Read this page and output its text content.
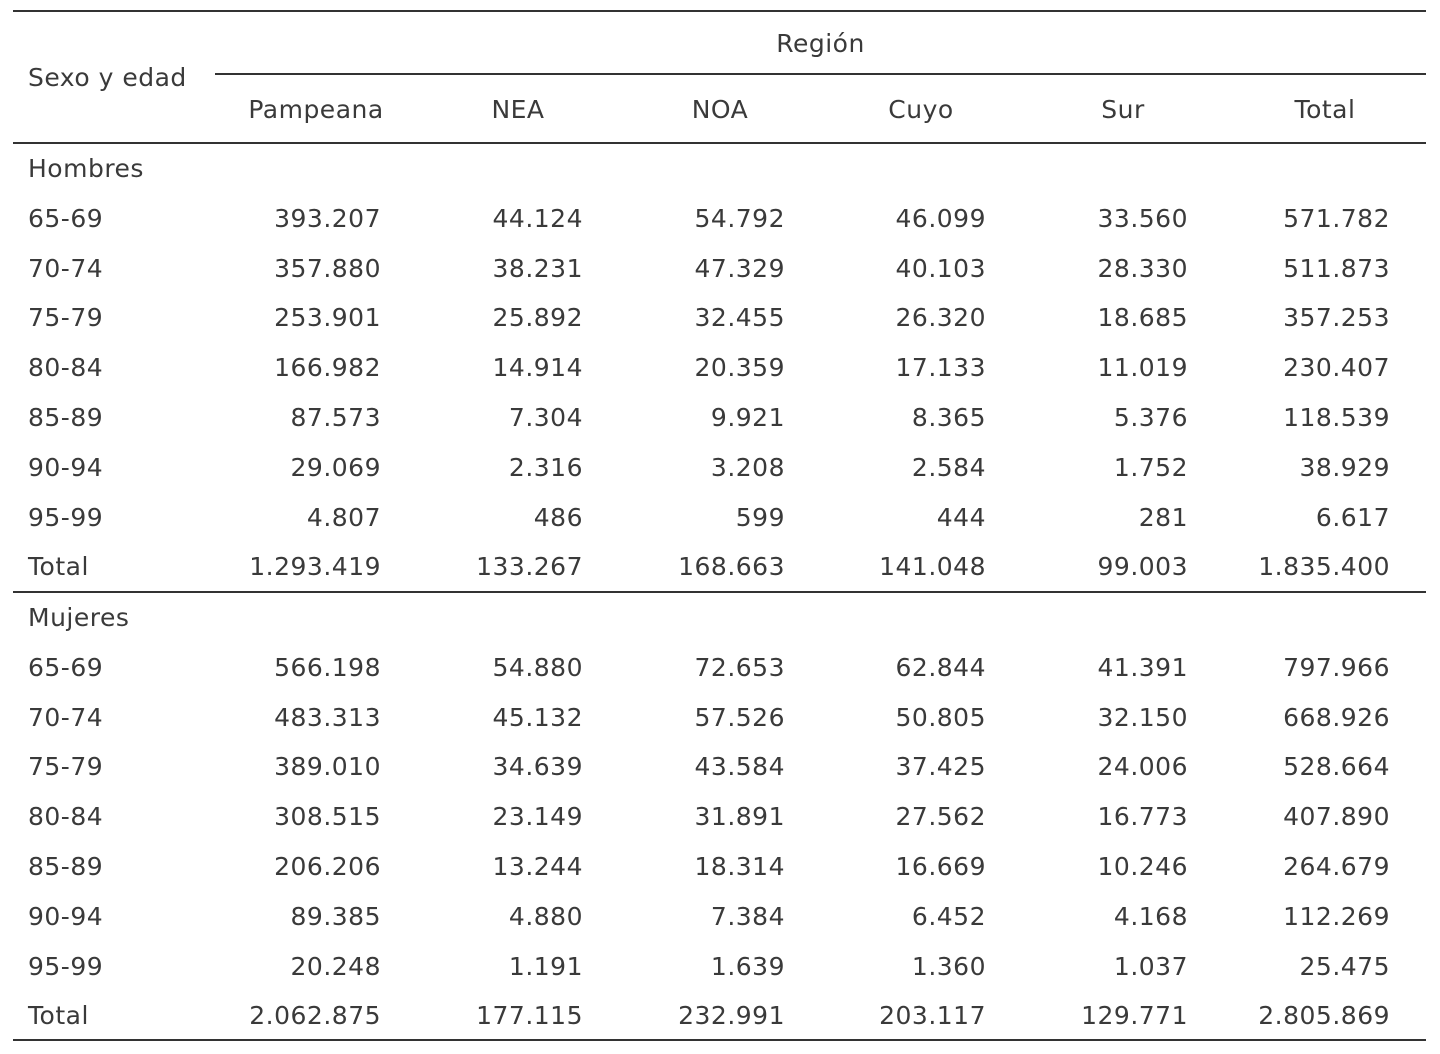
Sexo y edad
Región
Pampeana	NEA	NOA	Cuyo	Sur	Total
Hombres
65-69	393.207	44.124	54.792	46.099	33.560	571.782
70-74	357.880	38.231	47.329	40.103	28.330	511.873
75-79	253.901	25.892	32.455	26.320	18.685	357.253
80-84	166.982	14.914	20.359	17.133	11.019	230.407
85-89	87.573	7.304	9.921	8.365	5.376	118.539
90-94	29.069	2.316	3.208	2.584	1.752	38.929
95-99	4.807	486	599	444	281	6.617
Total	1.293.419	133.267	168.663	141.048	99.003	1.835.400
Mujeres
65-69	566.198	54.880	72.653	62.844	41.391	797.966
70-74	483.313	45.132	57.526	50.805	32.150	668.926
75-79	389.010	34.639	43.584	37.425	24.006	528.664
80-84	308.515	23.149	31.891	27.562	16.773	407.890
85-89	206.206	13.244	18.314	16.669	10.246	264.679
90-94	89.385	4.880	7.384	6.452	4.168	112.269
95-99	20.248	1.191	1.639	1.360	1.037	25.475
Total	2.062.875	177.115	232.991	203.117	129.771	2.805.869
